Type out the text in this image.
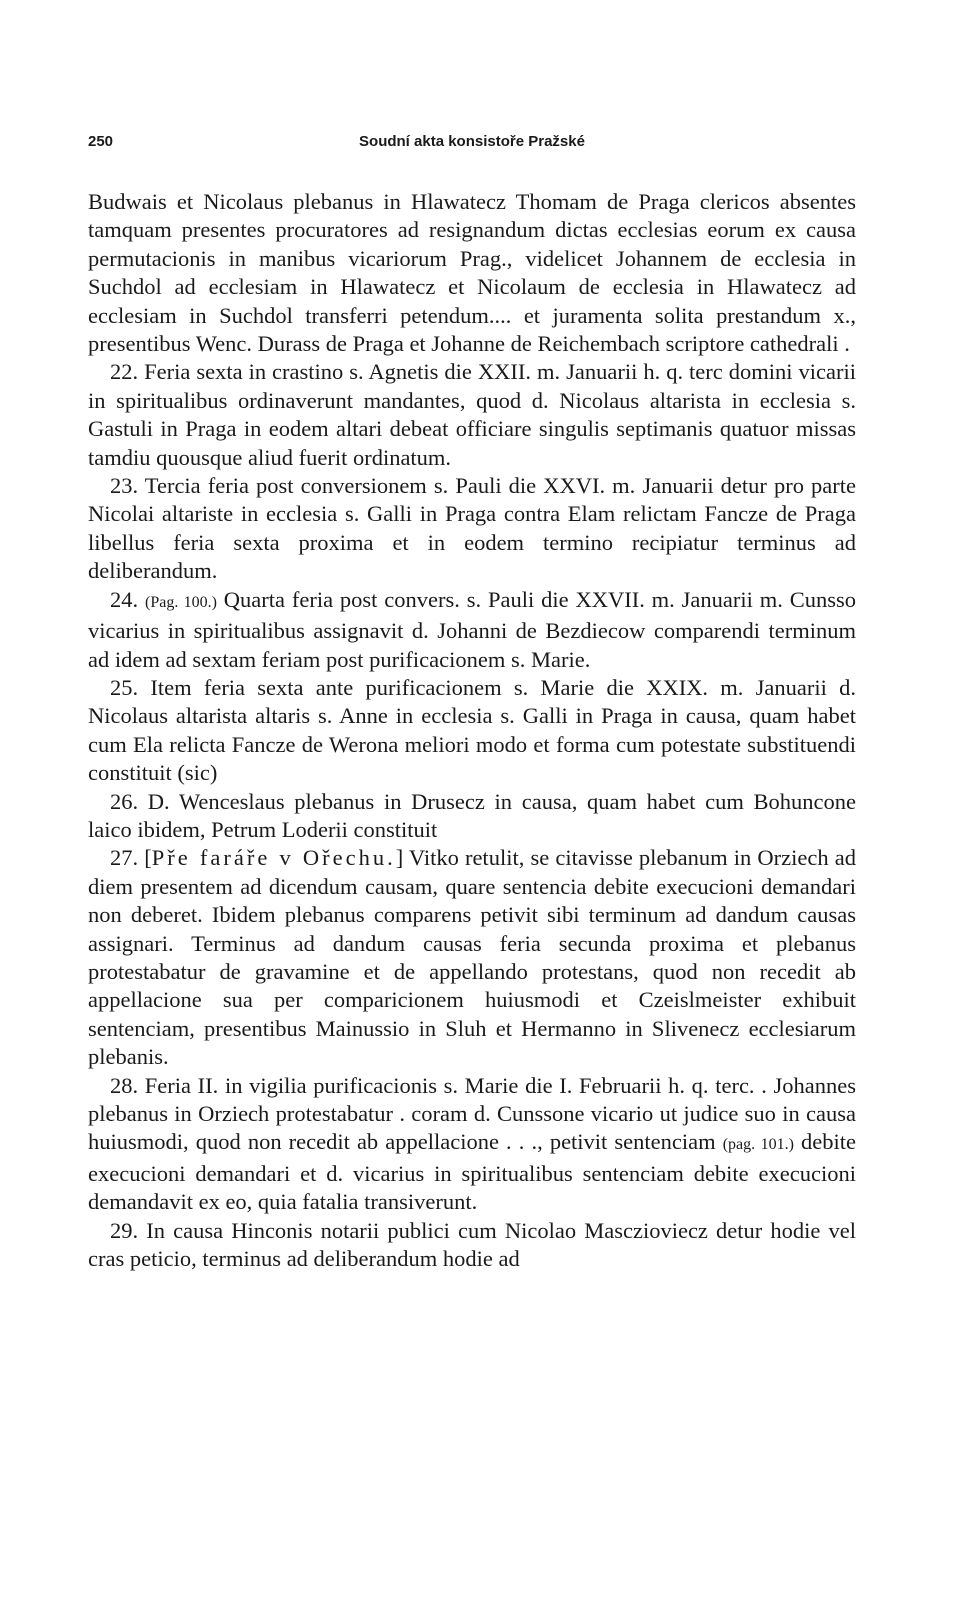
250	Soudní akta konsistoře Pražské

Budwais et Nicolaus plebanus in Hlawatecz Thomam de Praga clericos absentes tamquam presentes procuratores ad resignandum dictas ecclesias eorum ex causa permutacionis in manibus vicariorum Prag., videlicet Johannem de ecclesia in Suchdol ad ecclesiam in Hlawatecz et Nicolaum de ecclesia in Hlawatecz ad ecclesiam in Suchdol transferri petendum.... et juramenta solita prestandum x., presentibus Wenc. Durass de Praga et Johanne de Reichembach scriptore cathedrali .

22. Feria sexta in crastino s. Agnetis die XXII. m. Januarii h. q. terc domini vicarii in spiritualibus ordinaverunt mandantes, quod d. Nicolaus altarista in ecclesia s. Gastuli in Praga in eodem altari debeat officiare singulis septimanis quatuor missas tamdiu quousque aliud fuerit ordinatum.

23. Tercia feria post conversionem s. Pauli die XXVI. m. Januarii detur pro parte Nicolai altariste in ecclesia s. Galli in Praga contra Elam relictam Fancze de Praga libellus feria sexta proxima et in eodem termino recipiatur terminus ad deliberandum.

24. (Pag. 100.) Quarta feria post convers. s. Pauli die XXVII. m. Januarii m. Cunsso vicarius in spiritualibus assignavit d. Johanni de Bezdiecow comparendi terminum ad idem ad sextam feriam post purificacionem s. Marie.

25. Item feria sexta ante purificacionem s. Marie die XXIX. m. Januarii d. Nicolaus altarista altaris s. Anne in ecclesia s. Galli in Praga in causa, quam habet cum Ela relicta Fancze de Werona meliori modo et forma cum potestate substituendi constituit (sic)

26. D. Wenceslaus plebanus in Drusecz in causa, quam habet cum Bohuncone laico ibidem, Petrum Loderii constituit

27. [Pře faráře v Ořechu.] Vitko retulit, se citavisse plebanum in Orziech ad diem presentem ad dicendum causam, quare sentencia debite execucioni demandari non deberet. Ibidem plebanus comparens petivit sibi terminum ad dandum causas assignari. Terminus ad dandum causas feria secunda proxima et plebanus protestabatur de gravamine et de appellando protestans, quod non recedit ab appellacione sua per comparicionem huiusmodi et Czeislmeister exhibuit sentenciam, presentibus Mainussio in Sluh et Hermanno in Slivenecz ecclesiarum plebanis.

28. Feria II. in vigilia purificacionis s. Marie die I. Februarii h. q. terc. . Johannes plebanus in Orziech protestabatur . coram d. Cunssone vicario ut judice suo in causa huiusmodi, quod non recedit ab appellacione . . ., petivit sentenciam (pag. 101.) debite execucioni demandari et d. vicarius in spiritualibus sentenciam debite execucioni demandavit ex eo, quia fatalia transiverunt.

29. In causa Hinconis notarii publici cum Nicolao Masczioviecz detur hodie vel cras peticio, terminus ad deliberandum hodie ad
